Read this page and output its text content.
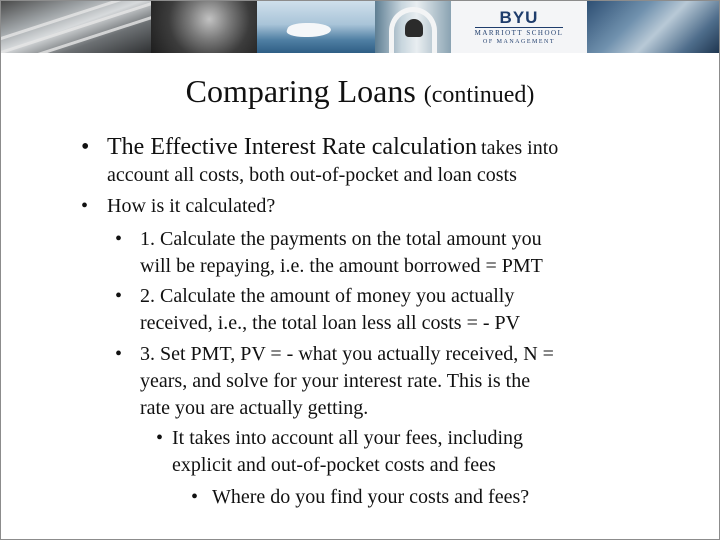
BYU
MARRIOTT SCHOOL
OF MANAGEMENT
Comparing Loans (continued)
• The Effective Interest Rate calculation takes into
account all costs, both out-of-pocket and loan costs
• How is it calculated?
• 1. Calculate the payments on the total amount you
will be repaying, i.e. the amount borrowed = PMT
• 2. Calculate the amount of money you actually
received, i.e., the total loan less all costs = - PV
• 3. Set PMT, PV = - what you actually received, N =
years, and solve for your interest rate. This is the
rate you are actually getting.
• It takes into account all your fees, including
explicit and out-of-pocket costs and fees
• Where do you find your costs and fees?
